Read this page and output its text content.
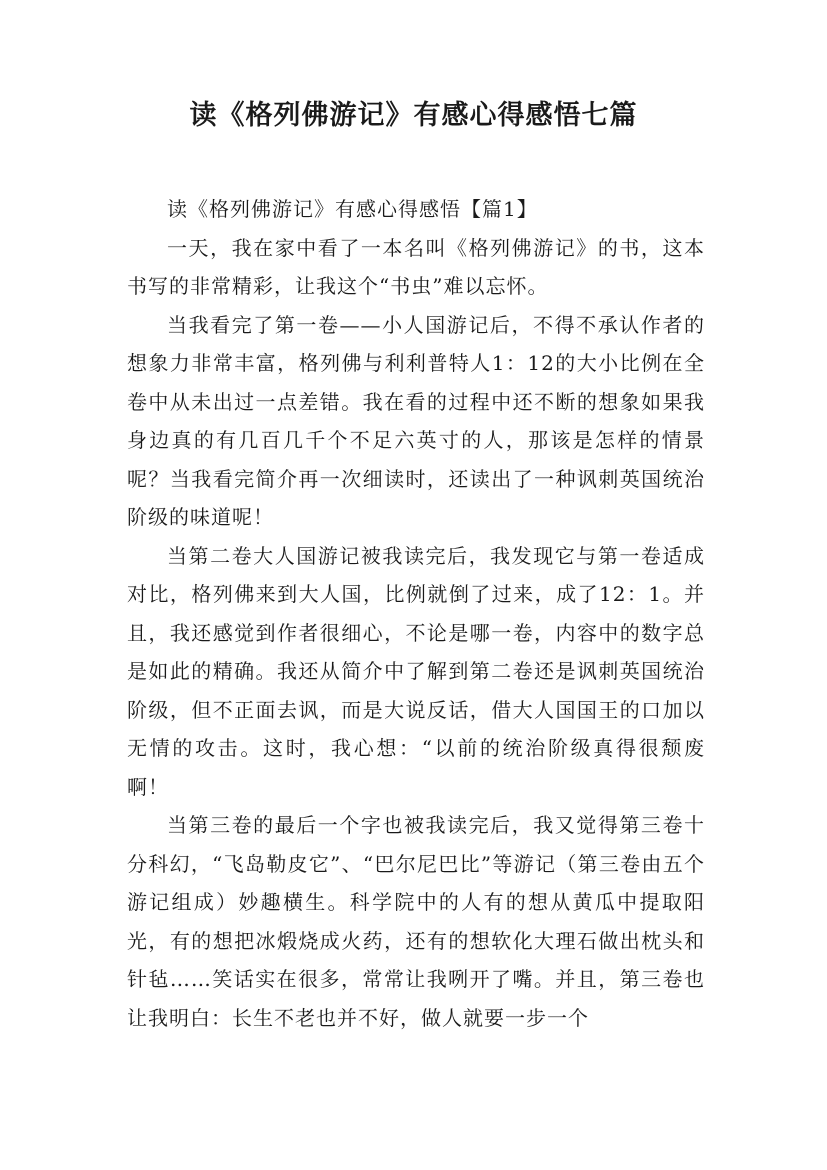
读《格列佛游记》有感心得感悟七篇

读《格列佛游记》有感心得感悟【篇1】

一天，我在家中看了一本名叫《格列佛游记》的书，这本书写的非常精彩，让我这个“书虫”难以忘怀。

当我看完了第一卷——小人国游记后，不得不承认作者的想象力非常丰富，格列佛与利利普特人1：12的大小比例在全卷中从未出过一点差错。我在看的过程中还不断的想象如果我身边真的有几百几千个不足六英寸的人，那该是怎样的情景呢？当我看完简介再一次细读时，还读出了一种讽刺英国统治阶级的味道呢！

当第二卷大人国游记被我读完后，我发现它与第一卷适成对比，格列佛来到大人国，比例就倒了过来，成了12：1。并且，我还感觉到作者很细心，不论是哪一卷，内容中的数字总是如此的精确。我还从简介中了解到第二卷还是讽刺英国统治阶级，但不正面去讽，而是大说反话，借大人国国王的口加以无情的攻击。这时，我心想：“以前的统治阶级真得很颓废啊！

当第三卷的最后一个字也被我读完后，我又觉得第三卷十分科幻，“飞岛勒皮它”、“巴尔尼巴比”等游记（第三卷由五个游记组成）妙趣横生。科学院中的人有的想从黄瓜中提取阳光，有的想把冰煅烧成火药，还有的想软化大理石做出枕头和针毡……笑话实在很多，常常让我咧开了嘴。并且，第三卷也让我明白：长生不老也并不好，做人就要一步一个
